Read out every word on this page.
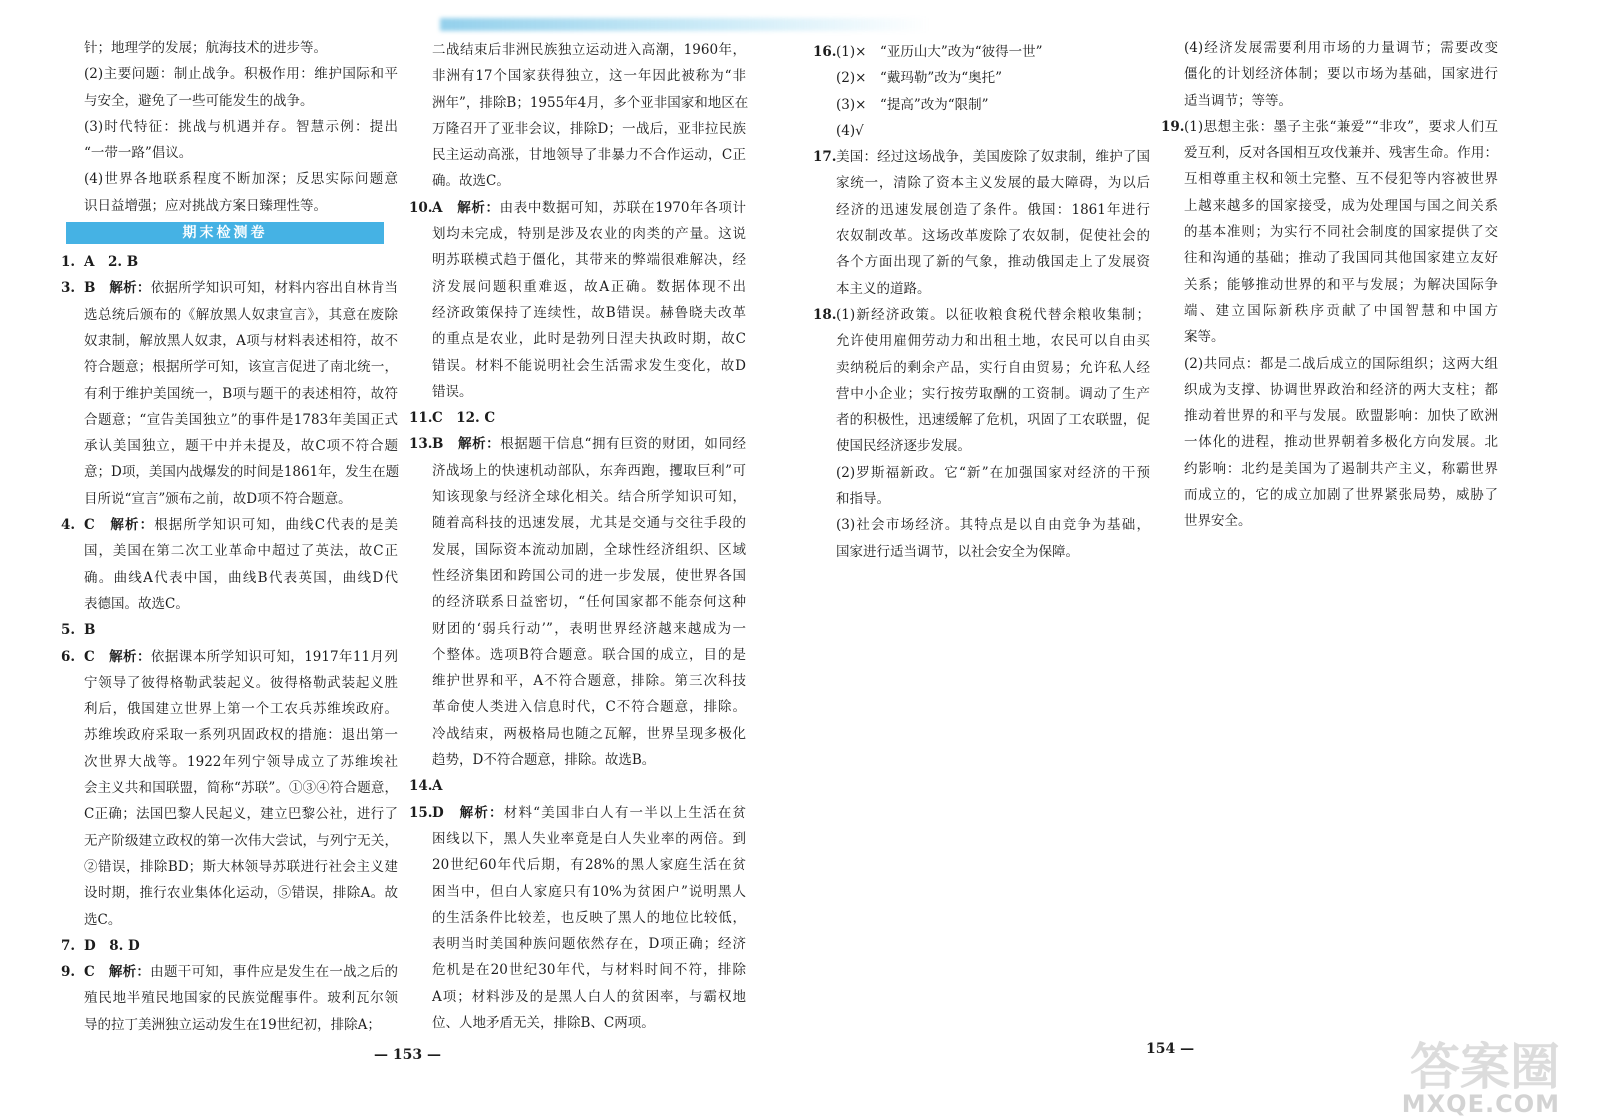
针；地理学的发展；航海技术的进步等。
(2)主要问题：制止战争。积极作用：维护国际和平
与安全，避免了一些可能发生的战争。
(3)时代特征：挑战与机遇并存。智慧示例：提出
“一带一路”倡议。
(4)世界各地联系程度不断加深；反思实际问题意
识日益增强；应对挑战方案日臻理性等。
期末检测卷
1. A　2. B
3. B　解析：依据所学知识可知，材料内容出自林肯当
选总统后颁布的《解放黑人奴隶宣言》，其意在废除
奴隶制，解放黑人奴隶，A项与材料表述相符，故不
符合题意；根据所学可知，该宣言促进了南北统一，
有利于维护美国统一，B项与题干的表述相符，故符
合题意；“宣告美国独立”的事件是1783年美国正式
承认美国独立，题干中并未提及，故C项不符合题
意；D项，美国内战爆发的时间是1861年，发生在题
目所说“宣言”颁布之前，故D项不符合题意。
4. C　解析：根据所学知识可知，曲线C代表的是美
国，美国在第二次工业革命中超过了英法，故C正
确。曲线A代表中国，曲线B代表英国，曲线D代
表德国。故选C。
5. B
6. C　解析：依据课本所学知识可知，1917年11月列
宁领导了彼得格勒武装起义。彼得格勒武装起义胜
利后，俄国建立世界上第一个工农兵苏维埃政府。
苏维埃政府采取一系列巩固政权的措施：退出第一
次世界大战等。1922年列宁领导成立了苏维埃社
会主义共和国联盟，简称“苏联”。①③④符合题意，
C正确；法国巴黎人民起义，建立巴黎公社，进行了
无产阶级建立政权的第一次伟大尝试，与列宁无关，
②错误，排除BD；斯大林领导苏联进行社会主义建
设时期，推行农业集体化运动，⑤错误，排除A。故
选C。
7. D　8. D
9. C　解析：由题干可知，事件应是发生在一战之后的
殖民地半殖民地国家的民族觉醒事件。玻利瓦尔领
导的拉丁美洲独立运动发生在19世纪初，排除A；
二战结束后非洲民族独立运动进入高潮，1960年，
非洲有17个国家获得独立，这一年因此被称为“非
洲年”，排除B；1955年4月，多个亚非国家和地区在
万隆召开了亚非会议，排除D；一战后，亚非拉民族
民主运动高涨，甘地领导了非暴力不合作运动，C正
确。故选C。
10.A　解析：由表中数据可知，苏联在1970年各项计
划均未完成，特别是涉及农业的肉类的产量。这说
明苏联模式趋于僵化，其带来的弊端很难解决，经
济发展问题积重难返，故A正确。数据体现不出
经济政策保持了连续性，故B错误。赫鲁晓夫改革
的重点是农业，此时是勃列日涅夫执政时期，故C
错误。材料不能说明社会生活需求发生变化，故D
错误。
11.C　12. C
13.B　解析：根据题干信息“拥有巨资的财团，如同经
济战场上的快速机动部队，东奔西跑，攫取巨利”可
知该现象与经济全球化相关。结合所学知识可知，
随着高科技的迅速发展，尤其是交通与交往手段的
发展，国际资本流动加剧，全球性经济组织、区域
性经济集团和跨国公司的进一步发展，使世界各国
的经济联系日益密切，“任何国家都不能奈何这种
财团的‘弱兵行动’”，表明世界经济越来越成为一
个整体。选项B符合题意。联合国的成立，目的是
维护世界和平，A不符合题意，排除。第三次科技
革命使人类进入信息时代，C不符合题意，排除。
冷战结束，两极格局也随之瓦解，世界呈现多极化
趋势，D不符合题意，排除。故选B。
14.A
15.D　解析：材料“美国非白人有一半以上生活在贫
困线以下，黑人失业率竟是白人失业率的两倍。到
20世纪60年代后期，有28%的黑人家庭生活在贫
困当中，但白人家庭只有10%为贫困户”说明黑人
的生活条件比较差，也反映了黑人的地位比较低，
表明当时美国种族问题依然存在，D项正确；经济
危机是在20世纪30年代，与材料时间不符，排除
A项；材料涉及的是黑人白人的贫困率，与霸权地
位、人地矛盾无关，排除B、C两项。
— 153 —
16.(1)×　“亚历山大”改为“彼得一世”
(2)×　“戴玛勒”改为“奥托”
(3)×　“提高”改为“限制”
(4)√
17.美国：经过这场战争，美国废除了奴隶制，维护了国
家统一，清除了资本主义发展的最大障碍，为以后
经济的迅速发展创造了条件。俄国：1861年进行
农奴制改革。这场改革废除了农奴制，促使社会的
各个方面出现了新的气象，推动俄国走上了发展资
本主义的道路。
18.(1)新经济政策。以征收粮食税代替余粮收集制；
允许使用雇佣劳动力和出租土地，农民可以自由买
卖纳税后的剩余产品，实行自由贸易；允许私人经
营中小企业；实行按劳取酬的工资制。调动了生产
者的积极性，迅速缓解了危机，巩固了工农联盟，促
使国民经济逐步发展。
(2)罗斯福新政。它“新”在加强国家对经济的干预
和指导。
(3)社会市场经济。其特点是以自由竞争为基础，
国家进行适当调节，以社会安全为保障。
(4)经济发展需要利用市场的力量调节；需要改变
僵化的计划经济体制；要以市场为基础，国家进行
适当调节；等等。
19.(1)思想主张：墨子主张“兼爱”“非攻”，要求人们互
爱互利，反对各国相互攻伐兼并、残害生命。作用：
互相尊重主权和领土完整、互不侵犯等内容被世界
上越来越多的国家接受，成为处理国与国之间关系
的基本准则；为实行不同社会制度的国家提供了交
往和沟通的基础；推动了我国同其他国家建立友好
关系；能够推动世界的和平与发展；为解决国际争
端、建立国际新秩序贡献了中国智慧和中国方
案等。
(2)共同点：都是二战后成立的国际组织；这两大组
织成为支撑、协调世界政治和经济的两大支柱；都
推动着世界的和平与发展。欧盟影响：加快了欧洲
一体化的进程，推动世界朝着多极化方向发展。北
约影响：北约是美国为了遏制共产主义，称霸世界
而成立的，它的成立加剧了世界紧张局势，威胁了
世界安全。
154 —	答案圈
MXQE.COM
